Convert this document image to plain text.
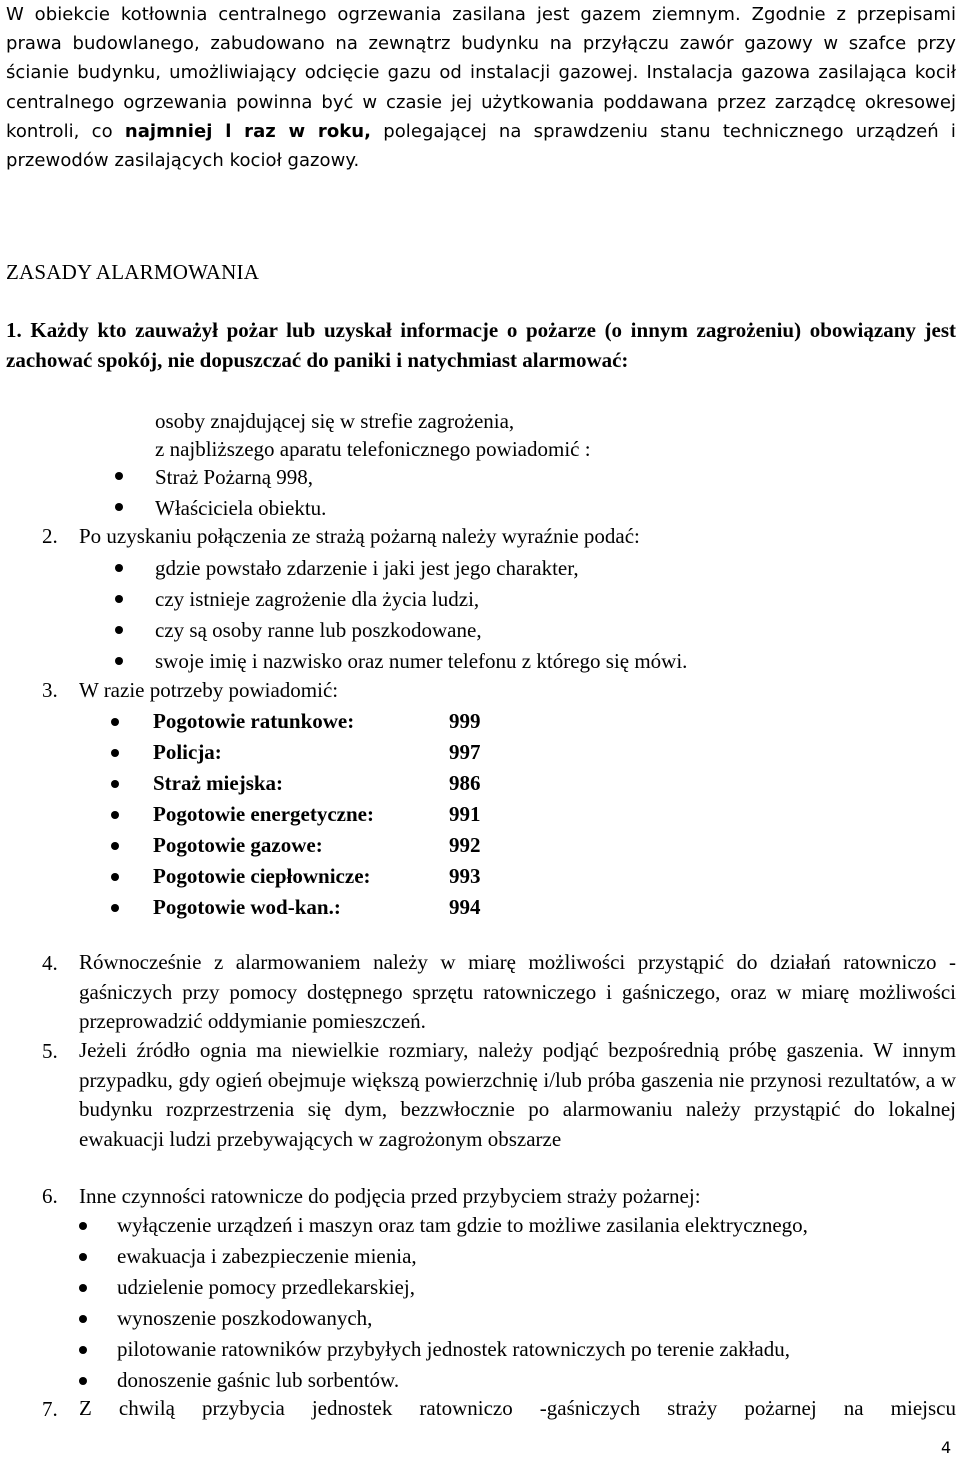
W obiekcie kotłownia centralnego ogrzewania zasilana jest gazem ziemnym. Zgodnie z przepisami prawa budowlanego, zabudowano na zewnątrz budynku na przyłączu zawór gazowy w szafce przy ścianie budynku, umożliwiający odcięcie gazu od instalacji gazowej. Instalacja gazowa zasilająca kocił centralnego ogrzewania powinna być w czasie jej użytkowania poddawana przez zarządcę okresowej kontroli, co najmniej l raz w roku, polegającej na sprawdzeniu stanu technicznego urządzeń i przewodów zasilających kocioł gazowy.
ZASADY ALARMOWANIA
1. Każdy kto zauważył pożar lub uzyskał informacje o pożarze (o innym zagrożeniu) obowiązany jest zachować spokój, nie dopuszczać do paniki i natychmiast alarmować:
osoby znajdującej się w strefie zagrożenia,
z najbliższego aparatu telefonicznego powiadomić :
Straż Pożarną 998,
Właściciela obiektu.
2. Po uzyskaniu połączenia ze strażą pożarną należy wyraźnie podać:
gdzie powstało zdarzenie i jaki jest jego charakter,
czy istnieje zagrożenie dla życia ludzi,
czy są osoby ranne lub poszkodowane,
swoje imię i nazwisko oraz numer telefonu z którego się mówi.
3. W razie potrzeby powiadomić:
Pogotowie ratunkowe:	999
Policja:	997
Straż miejska:	986
Pogotowie energetyczne:	991
Pogotowie gazowe:	992
Pogotowie ciepłownicze:	993
Pogotowie wod-kan.:	994
4. Równocześnie z alarmowaniem należy w miarę możliwości przystąpić do działań ratowniczo - gaśniczych przy pomocy dostępnego sprzętu ratowniczego i gaśniczego, oraz w miarę możliwości przeprowadzić oddymianie pomieszczeń.
5. Jeżeli źródło ognia ma niewielkie rozmiary, należy podjąć bezpośrednią próbę gaszenia. W innym przypadku, gdy ogień obejmuje większą powierzchnię i/lub próba gaszenia nie przynosi rezultatów, a w budynku rozprzestrzenia się dym, bezzwłocznie po alarmowaniu należy przystąpić do lokalnej ewakuacji ludzi przebywających w zagrożonym obszarze
6. Inne czynności ratownicze do podjęcia przed przybyciem straży pożarnej:
wyłączenie urządzeń i maszyn oraz tam gdzie to możliwe zasilania elektrycznego,
ewakuacja i zabezpieczenie mienia,
udzielenie pomocy przedlekarskiej,
wynoszenie poszkodowanych,
pilotowanie ratowników przybyłych jednostek ratowniczych po terenie zakładu,
donoszenie gaśnic lub sorbentów.
7. Z chwilą przybycia jednostek ratowniczo -gaśniczych straży pożarnej na miejscu
4
